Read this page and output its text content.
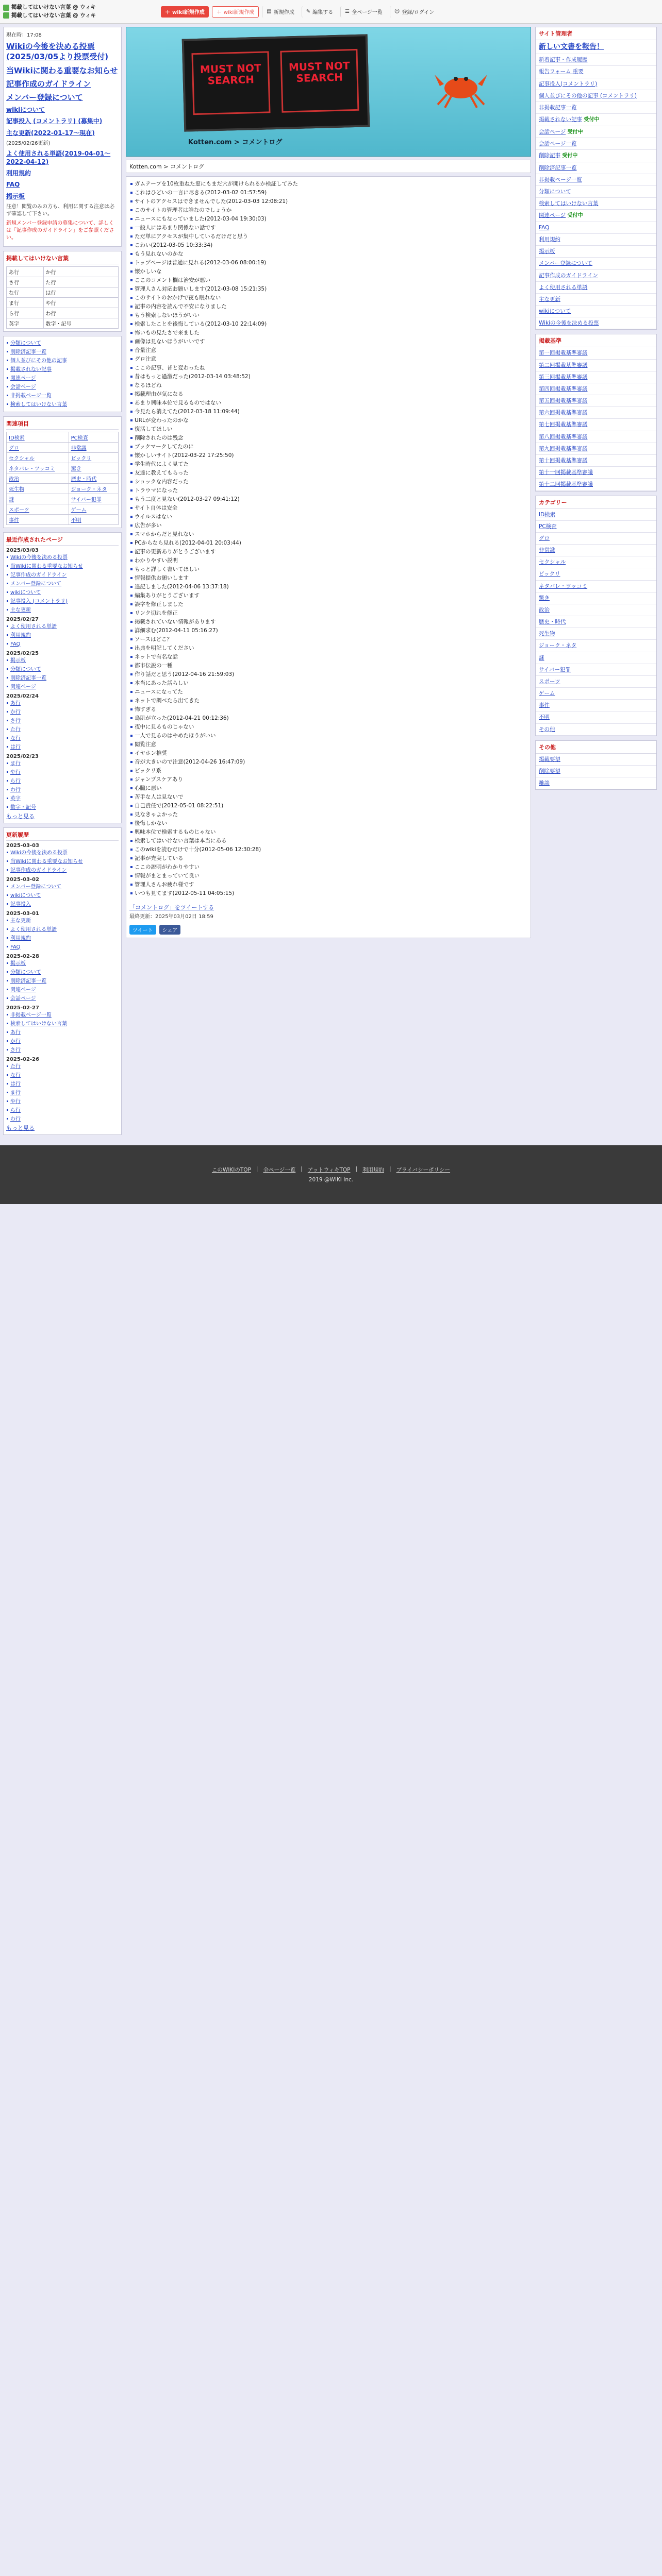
掲載してはいけない言葉 @ ウィキ
掲載してはいけない言葉 @ ウィキ	＋ wiki新規作成 ＋ wiki新規作成 ▤ 新規作成 ✎ 編集する ☰ 全ページ一覧 ☺ 登録/ログイン
現在時：17:08
Wikiの今後を決める投票 (2025/03/05より投票受付)
当Wikiに関わる重要なお知らせ
記事作成のガイドライン
メンバー登録について
wikiについて
記事投入 (コメントラリ) (募集中)
主な更新(2022-01-17〜現在)
(2025/02/26更新)
よく使用される単語(2019-04-01〜2022-04-12)
利用規約
FAQ
掲示板
注意！閲覧のみの方も、利用に関する注意は必ず確認して下さい。
新規メンバー登録申請の募集について、詳しくは「記事作成のガイドライン」をご参照ください。
掲載してはいけない言葉
あ行	か行
さ行	た行
な行	は行
ま行	や行
ら行	わ行
英字	数字・記号
分類について
削除済記事一覧
個人並びにその他の記事
掲載されない記事
関連ページ
会話ページ
非掲載ページ一覧
検索してはいけない言葉
関連項目
ID検索	PC検査
グロ	非常識
セクシャル	ビックリ
ネタバレ・ツッコミ	驚き
政治	歴史・時代
死生物	ジョーク・ネタ
謎	サイバー犯罪
スポーツ	ゲーム
事件	不明
最近作成されたページ
2025/03/03
Wikiの今後を決める投票
当Wikiに関わる重要なお知らせ
記事作成のガイドライン
メンバー登録について
wikiについて
記事投入 (コメントラリ)
主な更新
2025/02/27
よく使用される単語
利用規約
FAQ
2025/02/25
掲示板
分類について
削除済記事一覧
関連ページ
2025/02/24
あ行
か行
さ行
た行
な行
は行
2025/02/23
ま行
や行
ら行
わ行
英字
数字・記号
もっと見る
更新履歴
2025-03-03
Wikiの今後を決める投票
当Wikiに関わる重要なお知らせ
記事作成のガイドライン
2025-03-02
メンバー登録について
wikiについて
記事投入
2025-03-01
主な更新
よく使用される単語
利用規約
FAQ
2025-02-28
掲示板
分類について
削除済記事一覧
関連ページ
会話ページ
2025-02-27
非掲載ページ一覧
検索してはいけない言葉
あ行
か行
さ行
2025-02-26
た行
な行
は行
ま行
や行
ら行
わ行
もっと見る
MUST NOT SEARCH
MUST NOT SEARCH
Kotten.com > コメントログ
Kotten.com > コメントログ
ガムテープを10枚重ねた窓にもまだ穴が開けられるか検証してみた
これはひどいの一言に尽きる(2012-03-02 01:57:59)
サイトのアクセスはできませんでした(2012-03-03 12:08:21)
このサイトの管理者は誰なのでしょうか
ニュースにもなっていました(2012-03-04 19:30:03)
一般人にはあまり関係ない話です
ただ単にアクセスが集中しているだけだと思う
こわい(2012-03-05 10:33:34)
もう見れないのかな
トップページは普通に見れる(2012-03-06 08:00:19)
懐かしいな
ここのコメント欄は治安が悪い
管理人さん対応お願いします(2012-03-08 15:21:35)
このサイトのおかげで夜も眠れない
記事の内容を読んで不安になりました
もう検索しないほうがいい
検索したことを後悔している(2012-03-10 22:14:09)
怖いもの見たさで来ました
画像は見ないほうがいいです
音量注意
グロ注意
ここの記事、昔と変わったね
昔はもっと過激だった(2012-03-14 03:48:52)
なるほどね
掲載理由が気になる
あまり興味本位で見るものではない
今見たら消えてた(2012-03-18 11:09:44)
URLが変わったのかな
復活してほしい
削除されたのは残念
ブックマークしてたのに
懐かしいサイト(2012-03-22 17:25:50)
学生時代によく見てた
友達に教えてもらった
ショックな内容だった
トラウマになった
もう二度と見ない(2012-03-27 09:41:12)
サイト自体は安全
ウイルスはない
広告が多い
スマホからだと見れない
PCからなら見れる(2012-04-01 20:03:44)
記事の更新ありがとうございます
わかりやすい説明
もっと詳しく書いてほしい
情報提供お願いします
追記しました(2012-04-06 13:37:18)
編集ありがとうございます
誤字を修正しました
リンク切れを修正
掲載されていない情報があります
詳細求む(2012-04-11 05:16:27)
ソースはどこ？
出典を明記してください
ネットで有名な話
都市伝説の一種
作り話だと思う(2012-04-16 21:59:03)
本当にあった話らしい
ニュースになってた
ネットで調べたら出てきた
怖すぎる
鳥肌が立った(2012-04-21 00:12:36)
夜中に見るものじゃない
一人で見るのはやめたほうがいい
閲覧注意
イヤホン推奨
音が大きいので注意(2012-04-26 16:47:09)
ビックリ系
ジャンプスケアあり
心臓に悪い
苦手な人は見ないで
自己責任で(2012-05-01 08:22:51)
見なきゃよかった
後悔しかない
興味本位で検索するものじゃない
検索してはいけない言葉は本当にある
このwikiを読むだけで十分(2012-05-06 12:30:28)
記事が充実している
ここの説明がわかりやすい
情報がまとまっていて良い
管理人さんお疲れ様です
いつも見てます(2012-05-11 04:05:15)
「コメントログ」をツイートする
最終更新：2025年03月02日 18:59
ツイート	シェア
サイト管理者
新しい文書を報告！
新着記事・作成履歴
報告フォーム 重要
記事投入(コメントラリ)
個人並びにその他の記事 (コメントラリ)
非掲載記事一覧
掲載されない記事 受付中
会話ページ 受付中
会話ページ一覧
削除記事 受付中
削除済記事一覧
非掲載ページ一覧
分類について
検索してはいけない言葉
関連ページ 受付中
FAQ
利用規約
掲示板
メンバー登録について
記事作成のガイドライン
よく使用される単語
主な更新
wikiについて
Wikiの今後を決める投票
掲載基準
第一回掲載基準審議
第二回掲載基準審議
第三回掲載基準審議
第四回掲載基準審議
第五回掲載基準審議
第六回掲載基準審議
第七回掲載基準審議
第八回掲載基準審議
第九回掲載基準審議
第十回掲載基準審議
第十一回掲載基準審議
第十二回掲載基準審議
カテゴリー
ID検索
PC検査
グロ
非常識
セクシャル
ビックリ
ネタバレ・ツッコミ
驚き
政治
歴史・時代
死生物
ジョーク・ネタ
謎
サイバー犯罪
スポーツ
ゲーム
事件
不明
その他
その他
掲載要望
削除要望
雑談
このWIKIのTOP | 全ページ一覧 | アットウィキTOP | 利用規約 | プライバシーポリシー
2019 @WIKI Inc.
